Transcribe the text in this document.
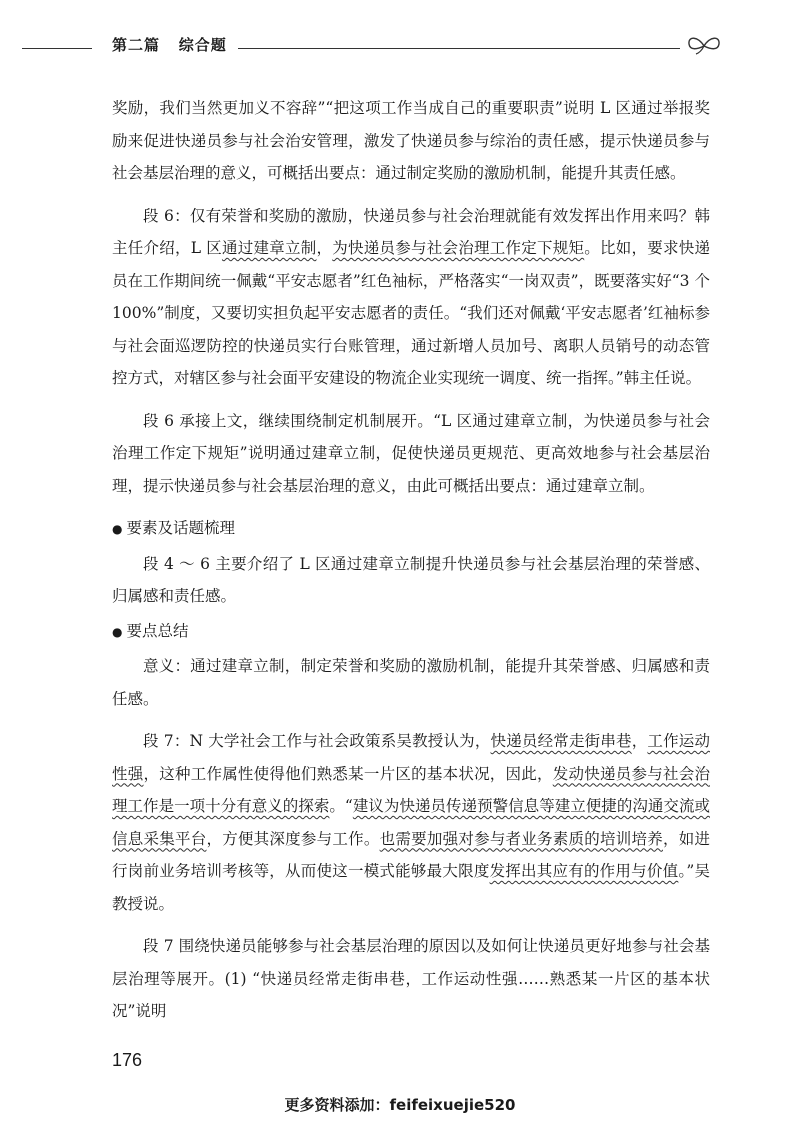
第二篇 综合题

奖励，我们当然更加义不容辞”“把这项工作当成自己的重要职责”说明 L 区通过举报奖励来促进快递员参与社会治安管理，激发了快递员参与综治的责任感，提示快递员参与社会基层治理的意义，可概括出要点：通过制定奖励的激励机制，能提升其责任感。

段 6：仅有荣誉和奖励的激励，快递员参与社会治理就能有效发挥出作用来吗？韩主任介绍，L 区通过建章立制，为快递员参与社会治理工作定下规矩。比如，要求快递员在工作期间统一佩戴“平安志愿者”红色袖标，严格落实“一岗双责”，既要落实好“3 个 100%”制度，又要切实担负起平安志愿者的责任。“我们还对佩戴‘平安志愿者’红袖标参与社会面巡逻防控的快递员实行台账管理，通过新增人员加号、离职人员销号的动态管控方式，对辖区参与社会面平安建设的物流企业实现统一调度、统一指挥。”韩主任说。

段 6 承接上文，继续围绕制定机制展开。“L 区通过建章立制，为快递员参与社会治理工作定下规矩”说明通过建章立制，促使快递员更规范、更高效地参与社会基层治理，提示快递员参与社会基层治理的意义，由此可概括出要点：通过建章立制。

● 要素及话题梳理

段 4 ～ 6 主要介绍了 L 区通过建章立制提升快递员参与社会基层治理的荣誉感、归属感和责任感。

● 要点总结

意义：通过建章立制，制定荣誉和奖励的激励机制，能提升其荣誉感、归属感和责任感。

段 7：N 大学社会工作与社会政策系吴教授认为，快递员经常走街串巷，工作运动性强，这种工作属性使得他们熟悉某一片区的基本状况，因此，发动快递员参与社会治理工作是一项十分有意义的探索。“建议为快递员传递预警信息等建立便捷的沟通交流或信息采集平台，方便其深度参与工作。也需要加强对参与者业务素质的培训培养，如进行岗前业务培训考核等，从而使这一模式能够最大限度发挥出其应有的作用与价值。”吴教授说。

段 7 围绕快递员能够参与社会基层治理的原因以及如何让快递员更好地参与社会基层治理等展开。(1) “快递员经常走街串巷，工作运动性强……熟悉某一片区的基本状况”说明

176
更多资料添加：feifeixuejie520
